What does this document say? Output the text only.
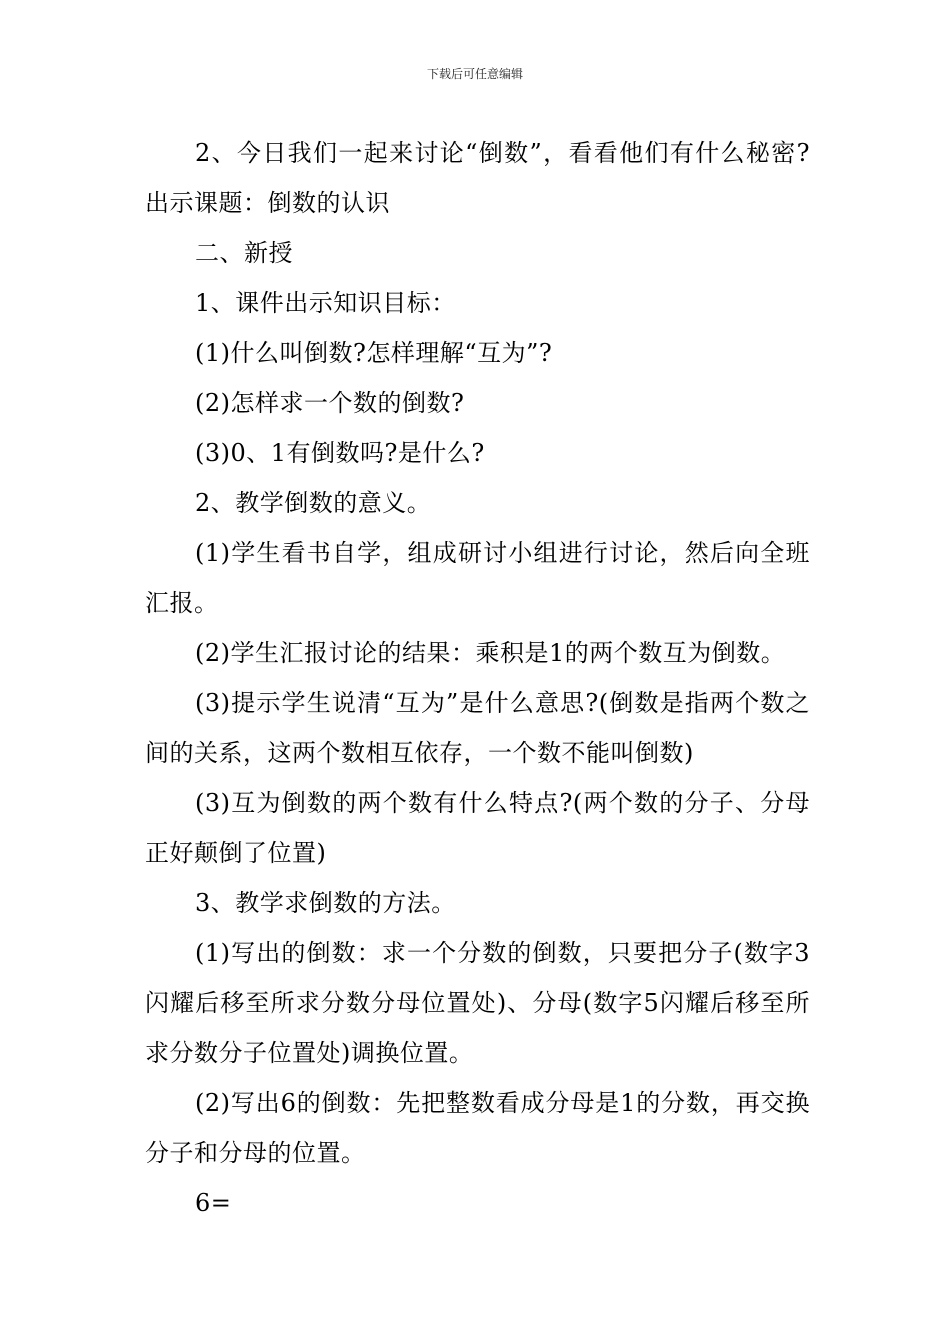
下载后可任意编辑

2、今日我们一起来讨论“倒数”，看看他们有什么秘密?出示课题：倒数的认识

二、新授

1、课件出示知识目标：

(1)什么叫倒数?怎样理解“互为”?

(2)怎样求一个数的倒数?

(3)0、1有倒数吗?是什么?

2、教学倒数的意义。

(1)学生看书自学，组成研讨小组进行讨论，然后向全班汇报。

(2)学生汇报讨论的结果：乘积是1的两个数互为倒数。

(3)提示学生说清“互为”是什么意思?(倒数是指两个数之间的关系，这两个数相互依存，一个数不能叫倒数)

(3)互为倒数的两个数有什么特点?(两个数的分子、分母正好颠倒了位置)

3、教学求倒数的方法。

(1)写出的倒数：求一个分数的倒数，只要把分子(数字3闪耀后移至所求分数分母位置处)、分母(数字5闪耀后移至所求分数分子位置处)调换位置。

(2)写出6的倒数：先把整数看成分母是1的分数，再交换分子和分母的位置。

6=
